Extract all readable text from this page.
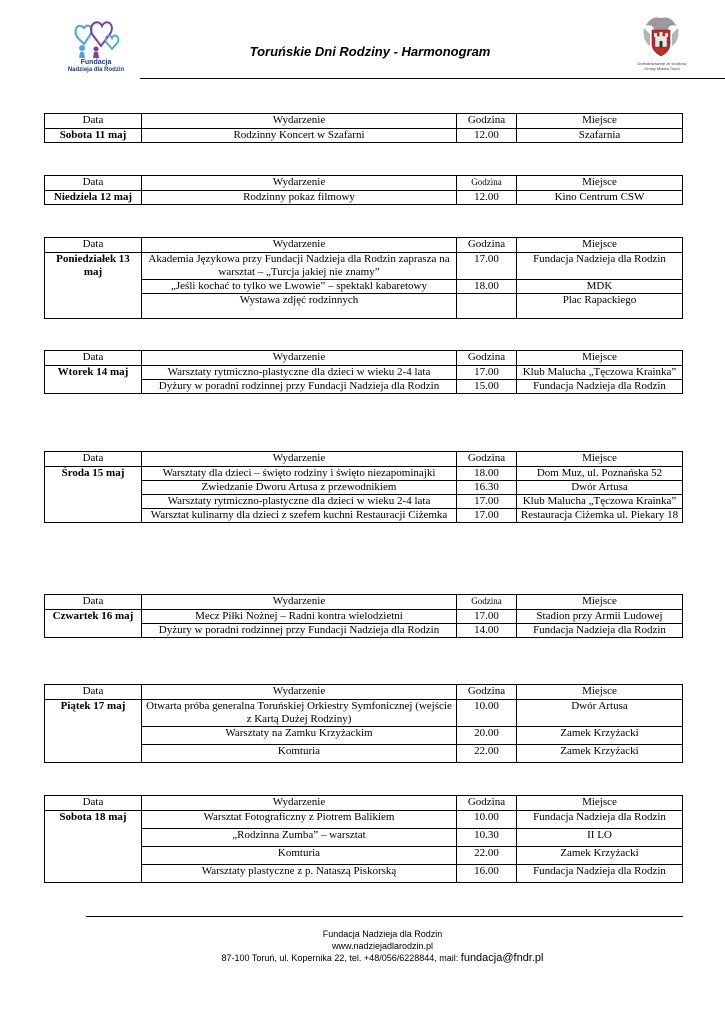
Fundacja
Nadzieja dla Rodzin
Toruńskie Dni Rodziny - Harmonogram
Dofinansowane ze środków
Gminy Miasta Toruń
Data	Wydarzenie	Godzina	Miejsce
Sobota 11 maj	Rodzinny Koncert w Szafarni	12.00	Szafarnia
Data	Wydarzenie	Godzina	Miejsce
Niedziela 12 maj	Rodzinny pokaz filmowy	12.00	Kino Centrum CSW
Data	Wydarzenie	Godzina	Miejsce
Poniedziałek 13 maj	Akademia Językowa przy Fundacji Nadzieja dla Rodzin zaprasza na warsztat – „Turcja jakiej nie znamy”	17.00	Fundacja Nadzieja dla Rodzin
	„Jeśli kochać to tylko we Lwowie” – spektakl kabaretowy	18.00	MDK
	Wystawa zdjęć rodzinnych		Plac Rapackiego
Data	Wydarzenie	Godzina	Miejsce
Wtorek 14 maj	Warsztaty rytmiczno-plastyczne dla dzieci w wieku 2-4 lata	17.00	Klub Malucha „Tęczowa Krainka”
	Dyżury w poradni rodzinnej przy Fundacji Nadzieja dla Rodzin	15.00	Fundacja Nadzieja dla Rodzin
Data	Wydarzenie	Godzina	Miejsce
Środa 15 maj	Warsztaty dla dzieci – święto rodziny i święto niezapominajki	18.00	Dom Muz, ul. Poznańska 52
	Zwiedzanie Dworu Artusa z przewodnikiem	16.30	Dwór Artusa
	Warsztaty rytmiczno-plastyczne dla dzieci w wieku 2-4 lata	17.00	Klub Malucha „Tęczowa Krainka”
	Warsztat kulinarny dla dzieci z szefem kuchni Restauracji Ciżemka	17.00	Restauracja Ciżemka ul. Piekary 18
Data	Wydarzenie	Godzina	Miejsce
Czwartek 16 maj	Mecz Piłki Nożnej – Radni kontra wielodzietni	17.00	Stadion przy Armii Ludowej
	Dyżury w poradni rodzinnej przy Fundacji Nadzieja dla Rodzin	14.00	Fundacja Nadzieja dla Rodzin
Data	Wydarzenie	Godzina	Miejsce
Piątek 17 maj	Otwarta próba generalna Toruńskiej Orkiestry Symfonicznej (wejście z Kartą Dużej Rodziny)	10.00	Dwór Artusa
	Warsztaty na Zamku Krzyżackim	20.00	Zamek Krzyżacki
	Komturia	22.00	Zamek Krzyżacki
Data	Wydarzenie	Godzina	Miejsce
Sobota 18 maj	Warsztat Fotograficzny z Piotrem Balikiem	10.00	Fundacja Nadzieja dla Rodzin
	„Rodzinna Zumba” – warsztat	10.30	II LO
	Komturia	22.00	Zamek Krzyżacki
	Warsztaty plastyczne z p. Nataszą Piskorską	16.00	Fundacja Nadzieja dla Rodzin
Fundacja Nadzieja dla Rodzin
www.nadziejadlarodzin.pl
87-100 Toruń, ul. Kopernika 22, tel. +48/056/6228844, mail: fundacja@fndr.pl
